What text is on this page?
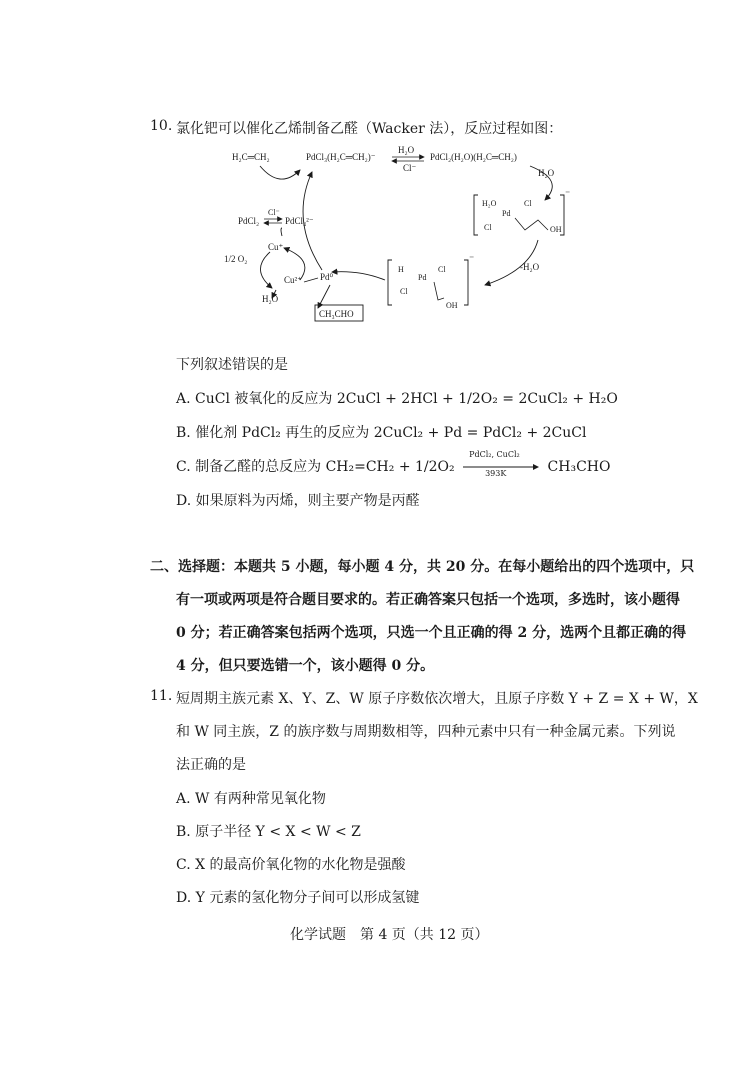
10. 氯化钯可以催化乙烯制备乙醛（Wacker 法），反应过程如图：
H₂C═CH₂	PdCl₃(H₂C═CH₂)⁻
H₂O
Cl⁻
PdCl₂(H₂O)(H₂C═CH₂)
H₂O
⁻
H₂O
Pd
Cl
Cl	OH
-H₂O
⁻
H
Pd
Cl
Cl
OH
Pd⁰
CH₃CHO
PdCl₂
Cl⁻
PdCl₄²⁻
Cu⁺
1/2 O₂
Cu²⁺
H₂O
下列叙述错误的是
A. CuCl 被氧化的反应为 2CuCl + 2HCl + 1/2O₂ = 2CuCl₂ + H₂O
B. 催化剂 PdCl₂ 再生的反应为 2CuCl₂ + Pd = PdCl₂ + 2CuCl
C. 制备乙醛的总反应为 CH₂=CH₂ + 1/2O₂
PdCl₂, CuCl₂
393K	CH₃CHO
D. 如果原料为丙烯，则主要产物是丙醛
二、选择题：本题共 5 小题，每小题 4 分，共 20 分。在每小题给出的四个选项中，只
有一项或两项是符合题目要求的。若正确答案只包括一个选项，多选时，该小题得
0 分；若正确答案包括两个选项，只选一个且正确的得 2 分，选两个且都正确的得
4 分，但只要选错一个，该小题得 0 分。
11. 短周期主族元素 X、Y、Z、W 原子序数依次增大，且原子序数 Y + Z = X + W，X
和 W 同主族，Z 的族序数与周期数相等，四种元素中只有一种金属元素。下列说
法正确的是
A. W 有两种常见氧化物
B. 原子半径 Y < X < W < Z
C. X 的最高价氧化物的水化物是强酸
D. Y 元素的氢化物分子间可以形成氢键
化学试题　第 4 页（共 12 页）
